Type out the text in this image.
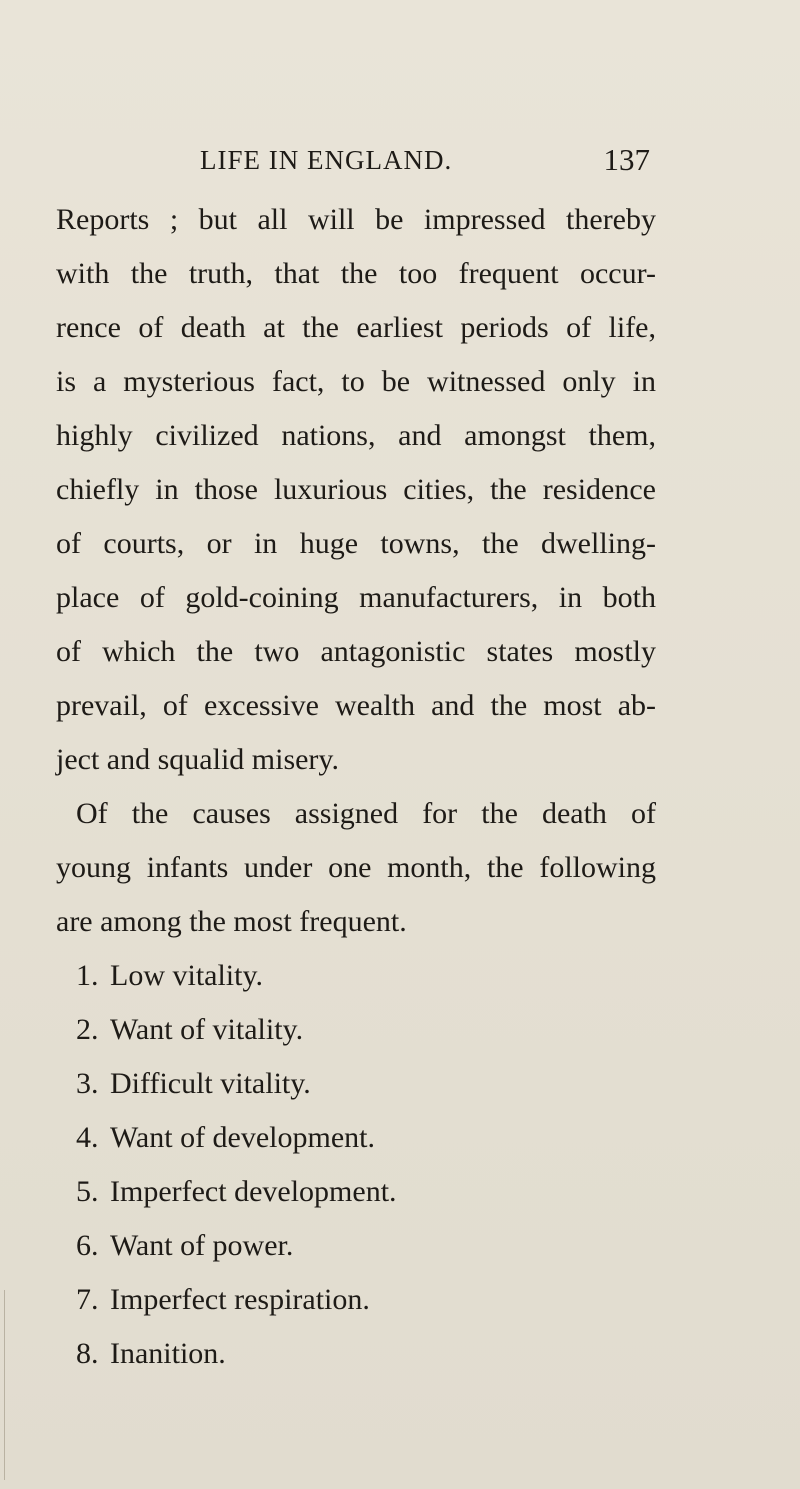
LIFE IN ENGLAND.	137
Reports ; but all will be impressed thereby
with the truth, that the too frequent occur-
rence of death at the earliest periods of life,
is a mysterious fact, to be witnessed only in
highly civilized nations, and amongst them,
chiefly in those luxurious cities, the residence
of courts, or in huge towns, the dwelling-
place of gold-coining manufacturers, in both
of which the two antagonistic states mostly
prevail, of excessive wealth and the most ab-
ject and squalid misery.
Of the causes assigned for the death of
young infants under one month, the following
are among the most frequent.
1. Low vitality.
2. Want of vitality.
3. Difficult vitality.
4. Want of development.
5. Imperfect development.
6. Want of power.
7. Imperfect respiration.
8. Inanition.
